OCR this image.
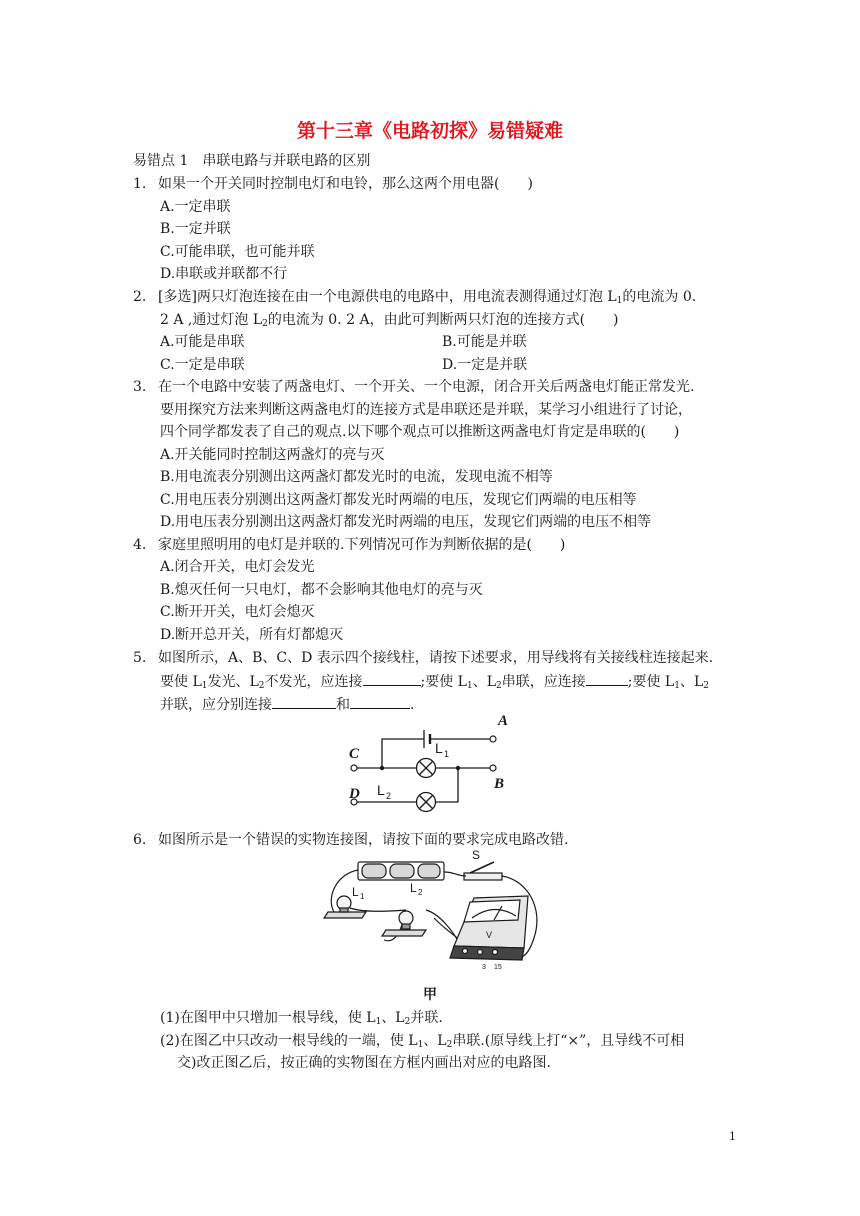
第十三章《电路初探》易错疑难
易错点 1　串联电路与并联电路的区别
1. 如果一个开关同时控制电灯和电铃，那么这两个用电器(　　)
A.一定串联
B.一定并联
C.可能串联，也可能并联
D.串联或并联都不行
2. [多选]两只灯泡连接在由一个电源供电的电路中，用电流表测得通过灯泡 $L_1$的电流为 0.
2 A ,通过灯泡 $L_2$的电流为 0. 2 A，由此可判断两只灯泡的连接方式(　　)
A.可能是串联	B.可能是并联
C.一定是串联	D.一定是并联
3. 在一个电路中安装了两盏电灯、一个开关、一个电源，闭合开关后两盏电灯能正常发光.
要用探究方法来判断这两盏电灯的连接方式是串联还是并联，某学习小组进行了讨论，
四个同学都发表了自己的观点.以下哪个观点可以推断这两盏电灯肯定是串联的(　　)
A.开关能同时控制这两盏灯的亮与灭
B.用电流表分别测出这两盏灯都发光时的电流，发现电流不相等
C.用电压表分别测出这两盏灯都发光时两端的电压，发现它们两端的电压相等
D.用电压表分别测出这两盏灯都发光时两端的电压，发现它们两端的电压不相等
4. 家庭里照明用的电灯是并联的.下列情况可作为判断依据的是(　　)
A.闭合开关，电灯会发光
B.熄灭任何一只电灯，都不会影响其他电灯的亮与灭
C.断开开关，电灯会熄灭
D.断开总开关，所有灯都熄灭
5. 如图所示，A、B、C、D 表示四个接线柱，请按下述要求，用导线将有关接线柱连接起来.
要使 $L_1$发光、$L_2$不发光，应连接	;要使 $L_1$、$L_2$串联，应连接	;要使 $L_1$、$L_2$
并联，应分别连接	和	.
A
B
C
D
L 1
L 2
6. 如图所示是一个错误的实物连接图，请按下面的要求完成电路改错.
S
L 1
L 2
V
3 15
甲
(1)在图甲中只增加一根导线，使 $L_1$、$L_2$并联.
(2)在图乙中只改动一根导线的一端，使 $L_1$、$L_2$串联.(原导线上打“×”，且导线不可相
交)改正图乙后，按正确的实物图在方框内画出对应的电路图.
1
